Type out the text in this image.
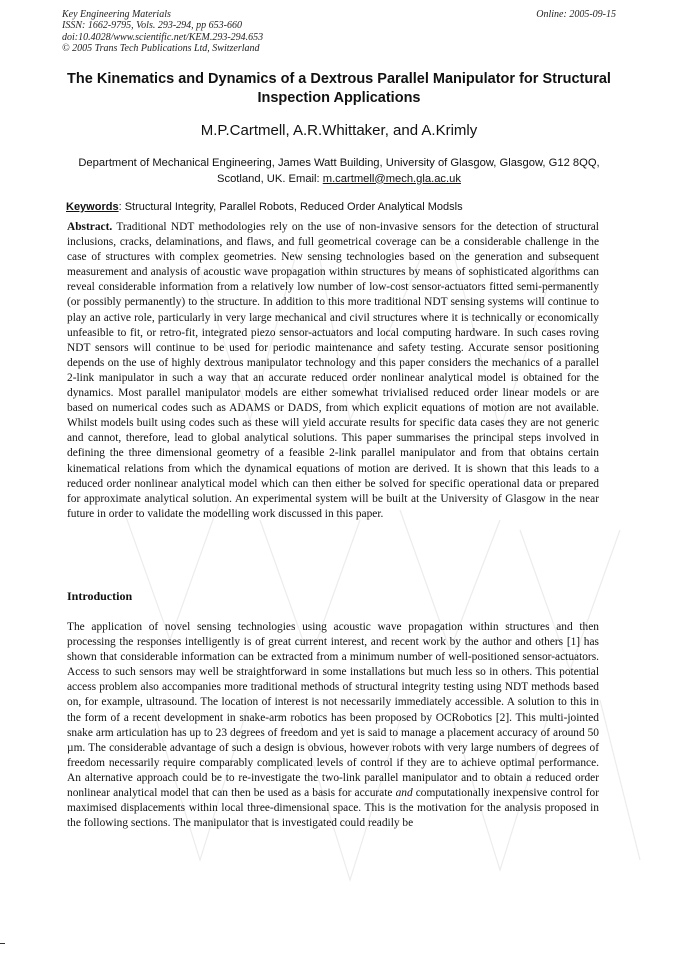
Key Engineering Materials
ISSN: 1662-9795, Vols. 293-294, pp 653-660
doi:10.4028/www.scientific.net/KEM.293-294.653
© 2005 Trans Tech Publications Ltd, Switzerland
Online: 2005-09-15
The Kinematics and Dynamics of a Dextrous Parallel Manipulator for Structural Inspection Applications
M.P.Cartmell, A.R.Whittaker, and A.Krimly
Department of Mechanical Engineering, James Watt Building, University of Glasgow, Glasgow, G12 8QQ, Scotland, UK. Email: m.cartmell@mech.gla.ac.uk
Keywords: Structural Integrity, Parallel Robots, Reduced Order Analytical Modsls

Abstract. Traditional NDT methodologies rely on the use of non-invasive sensors for the detection of structural inclusions, cracks, delaminations, and flaws, and full geometrical coverage can be a considerable challenge in the case of structures with complex geometries. New sensing technologies based on the generation and subsequent measurement and analysis of acoustic wave propagation within structures by means of sophisticated algorithms can reveal considerable information from a relatively low number of low-cost sensor-actuators fitted semi-permanently (or possibly permanently) to the structure. In addition to this more traditional NDT sensing systems will continue to play an active role, particularly in very large mechanical and civil structures where it is technically or economically unfeasible to fit, or retro-fit, integrated piezo sensor-actuators and local computing hardware. In such cases roving NDT sensors will continue to be used for periodic maintenance and safety testing. Accurate sensor positioning depends on the use of highly dextrous manipulator technology and this paper considers the mechanics of a parallel 2-link manipulator in such a way that an accurate reduced order nonlinear analytical model is obtained for the dynamics. Most parallel manipulator models are either somewhat trivialised reduced order linear models or are based on numerical codes such as ADAMS or DADS, from which explicit equations of motion are not available. Whilst models built using codes such as these will yield accurate results for specific data cases they are not generic and cannot, therefore, lead to global analytical solutions. This paper summarises the principal steps involved in defining the three dimensional geometry of a feasible 2-link parallel manipulator and from that obtains certain kinematical relations from which the dynamical equations of motion are derived. It is shown that this leads to a reduced order nonlinear analytical model which can then either be solved for specific operational data or prepared for approximate analytical solution. An experimental system will be built at the University of Glasgow in the near future in order to validate the modelling work discussed in this paper.

Introduction

The application of novel sensing technologies using acoustic wave propagation within structures and then processing the responses intelligently is of great current interest, and recent work by the author and others [1] has shown that considerable information can be extracted from a minimum number of well-positioned sensor-actuators. Access to such sensors may well be straightforward in some installations but much less so in others. This potential access problem also accompanies more traditional methods of structural integrity testing using NDT methods based on, for example, ultrasound. The location of interest is not necessarily immediately accessible. A solution to this in the form of a recent development in snake-arm robotics has been proposed by OCRobotics [2]. This multi-jointed snake arm articulation has up to 23 degrees of freedom and yet is said to manage a placement accuracy of around 50 µm. The considerable advantage of such a design is obvious, however robots with very large numbers of degrees of freedom necessarily require comparably complicated levels of control if they are to achieve optimal performance. An alternative approach could be to re-investigate the two-link parallel manipulator and to obtain a reduced order nonlinear analytical model that can then be used as a basis for accurate and computationally inexpensive control for maximised displacements within local three-dimensional space. This is the motivation for the analysis proposed in the following sections. The manipulator that is investigated could readily be
